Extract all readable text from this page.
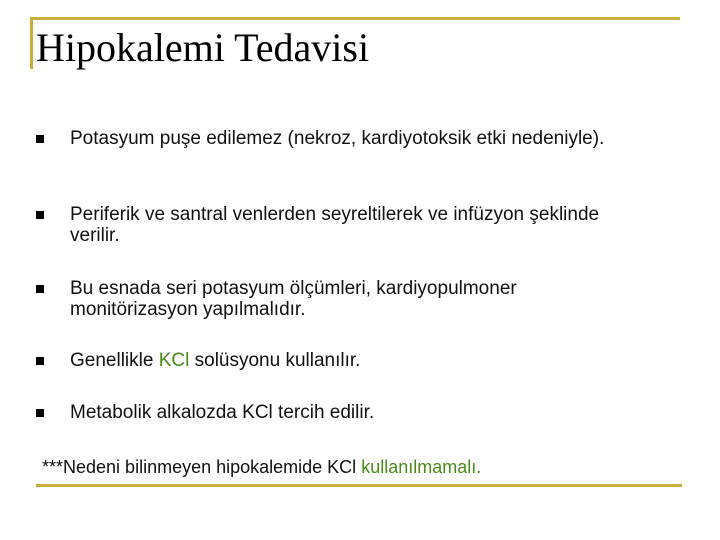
Hipokalemi Tedavisi
Potasyum puşe edilemez (nekroz, kardiyotoksik etki nedeniyle).
Periferik ve santral venlerden seyreltilerek ve infüzyon şeklinde verilir.
Bu esnada seri potasyum ölçümleri, kardiyopulmoner monitörizasyon yapılmalıdır.
Genellikle KCl solüsyonu kullanılır.
Metabolik alkalozda KCl tercih edilir.
***Nedeni bilinmeyen hipokalemide KCl kullanılmamalı.
